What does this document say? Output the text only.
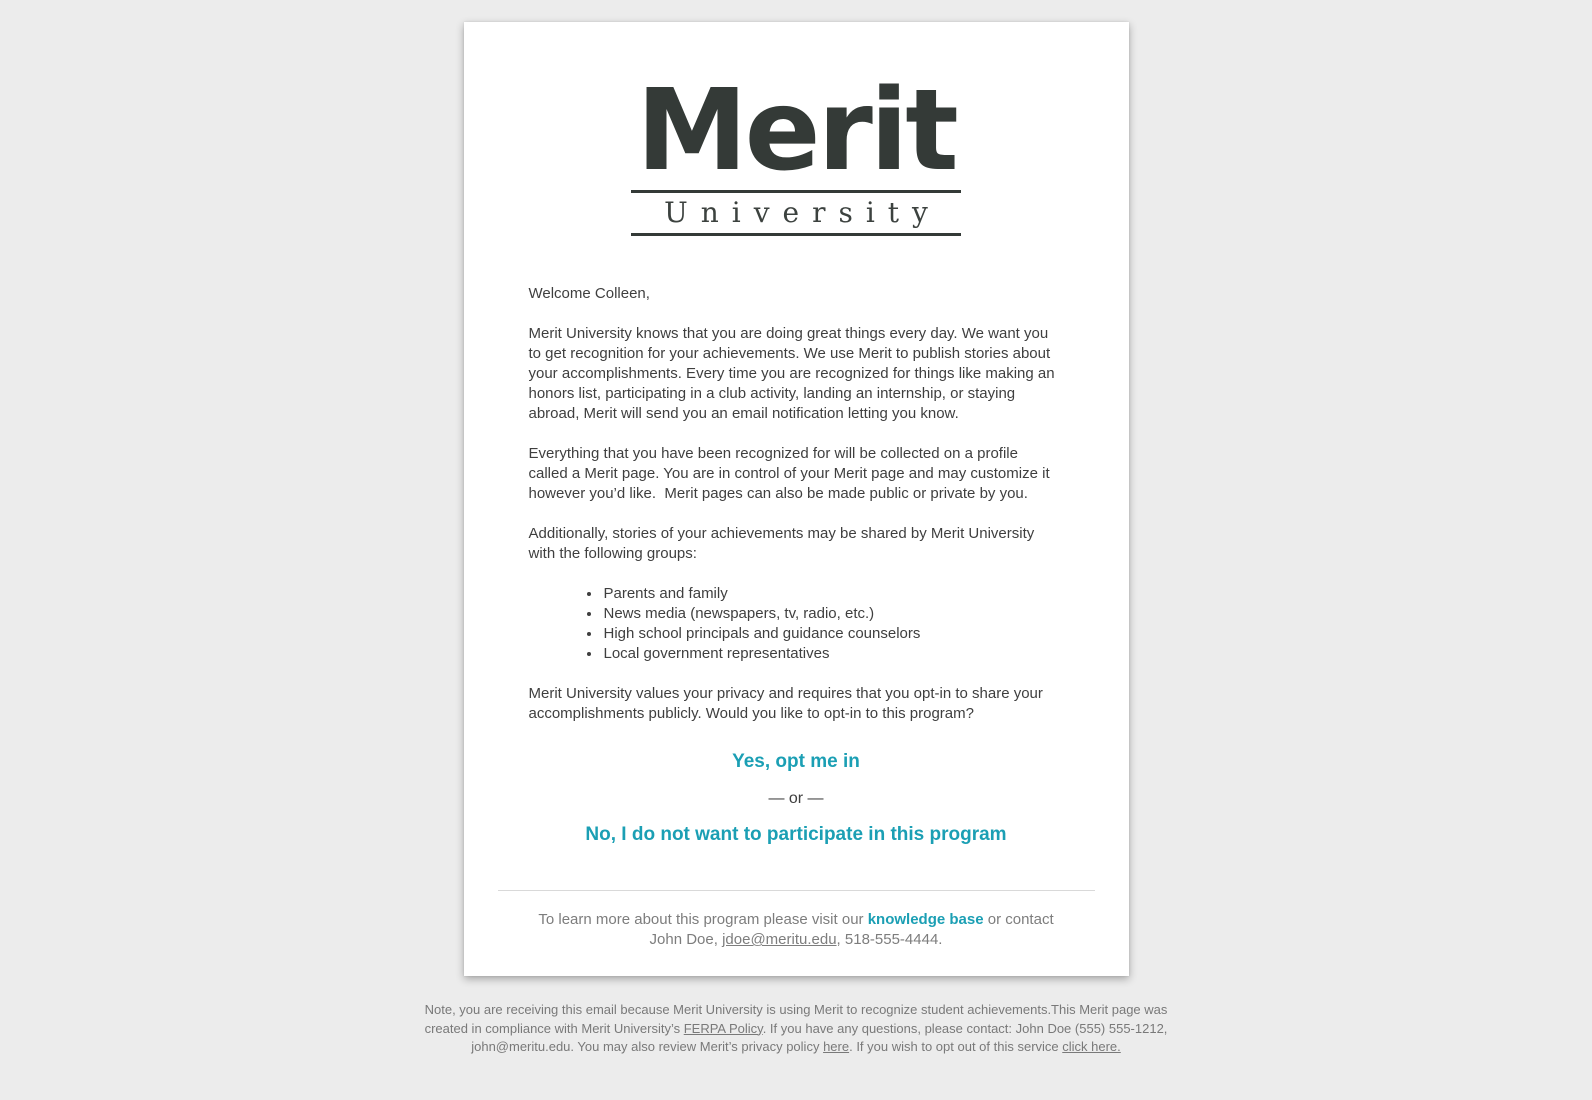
Merit
University

Welcome Colleen,

Merit University knows that you are doing great things every day. We want you to get recognition for your achievements. We use Merit to publish stories about your accomplishments. Every time you are recognized for things like making an honors list, participating in a club activity, landing an internship, or staying abroad, Merit will send you an email notification letting you know.

Everything that you have been recognized for will be collected on a profile called a Merit page. You are in control of your Merit page and may customize it however you’d like.  Merit pages can also be made public or private by you.

Additionally, stories of your achievements may be shared by Merit University with the following groups:

• Parents and family
• News media (newspapers, tv, radio, etc.)
• High school principals and guidance counselors
• Local government representatives

Merit University values your privacy and requires that you opt-in to share your accomplishments publicly. Would you like to opt-in to this program?

Yes, opt me in
— or —
No, I do not want to participate in this program
To learn more about this program please visit our knowledge base or contact
John Doe, jdoe@meritu.edu, 518-555-4444.
Note, you are receiving this email because Merit University is using Merit to recognize student achievements.This Merit page was
created in compliance with Merit University’s FERPA Policy. If you have any questions, please contact: John Doe (555) 555-1212,
john@meritu.edu. You may also review Merit’s privacy policy here. If you wish to opt out of this service click here.
